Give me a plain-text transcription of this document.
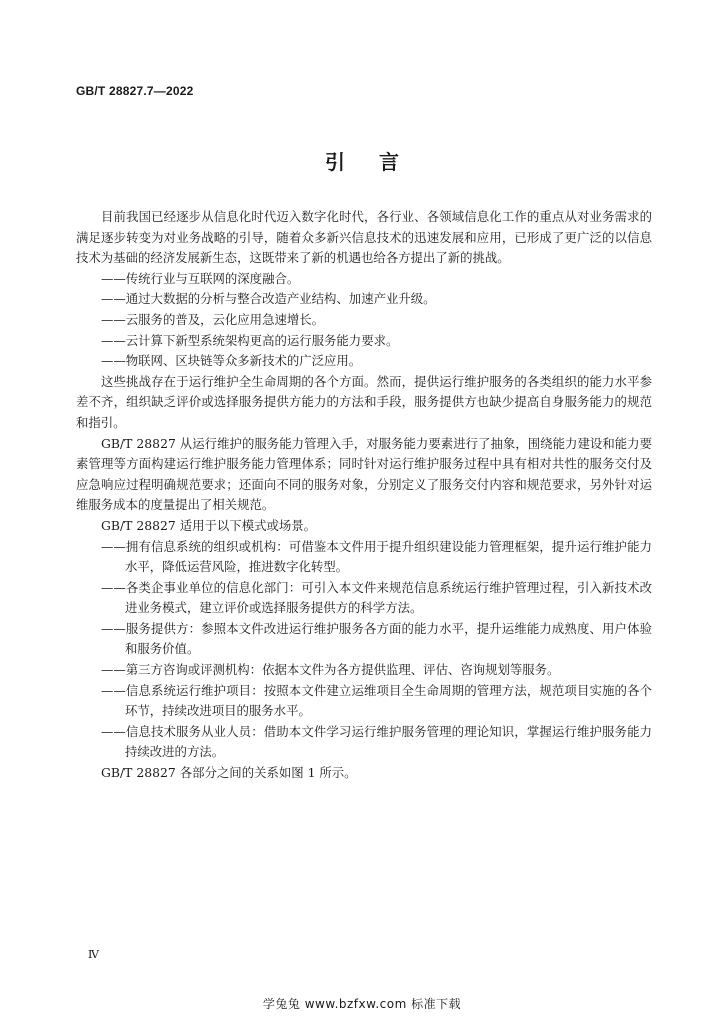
GB/T 28827.7—2022
引言

目前我国已经逐步从信息化时代迈入数字化时代，各行业、各领域信息化工作的重点从对业务需求的满足逐步转变为对业务战略的引导，随着众多新兴信息技术的迅速发展和应用，已形成了更广泛的以信息技术为基础的经济发展新生态，这既带来了新的机遇也给各方提出了新的挑战。

——传统行业与互联网的深度融合。

——通过大数据的分析与整合改造产业结构、加速产业升级。

——云服务的普及，云化应用急速增长。

——云计算下新型系统架构更高的运行服务能力要求。

——物联网、区块链等众多新技术的广泛应用。

这些挑战存在于运行维护全生命周期的各个方面。然而，提供运行维护服务的各类组织的能力水平参差不齐，组织缺乏评价或选择服务提供方能力的方法和手段，服务提供方也缺少提高自身服务能力的规范和指引。

GB/T 28827 从运行维护的服务能力管理入手，对服务能力要素进行了抽象，围绕能力建设和能力要素管理等方面构建运行维护服务能力管理体系；同时针对运行维护服务过程中具有相对共性的服务交付及应急响应过程明确规范要求；还面向不同的服务对象，分别定义了服务交付内容和规范要求，另外针对运维服务成本的度量提出了相关规范。

GB/T 28827 适用于以下模式或场景。

——拥有信息系统的组织或机构：可借鉴本文件用于提升组织建设能力管理框架，提升运行维护能力水平，降低运营风险，推进数字化转型。

——各类企事业单位的信息化部门：可引入本文件来规范信息系统运行维护管理过程，引入新技术改进业务模式，建立评价或选择服务提供方的科学方法。

——服务提供方：参照本文件改进运行维护服务各方面的能力水平，提升运维能力成熟度、用户体验和服务价值。

——第三方咨询或评测机构：依据本文件为各方提供监理、评估、咨询规划等服务。

——信息系统运行维护项目：按照本文件建立运维项目全生命周期的管理方法，规范项目实施的各个环节，持续改进项目的服务水平。

——信息技术服务从业人员：借助本文件学习运行维护服务管理的理论知识，掌握运行维护服务能力持续改进的方法。

GB/T 28827 各部分之间的关系如图 1 所示。

Ⅳ
学兔兔 www.bzfxw.com 标准下载
